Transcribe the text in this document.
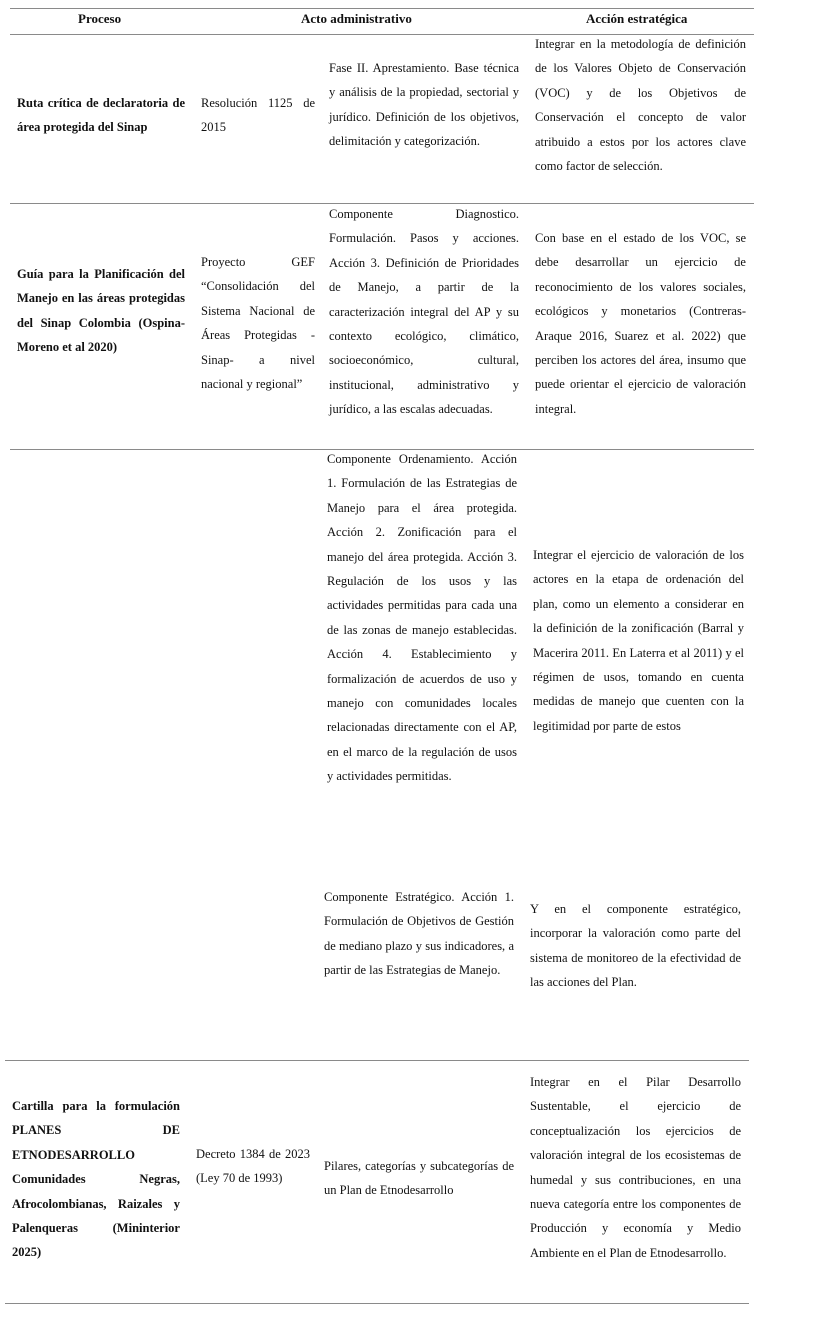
Proceso	Acto administrativo	Acción estratégica
Ruta crítica de declaratoria de área protegida del Sinap
Resolución 1125 de 2015
Fase II. Aprestamiento. Base técnica y análisis de la propiedad, sectorial y jurídico. Definición de los objetivos, delimitación y categorización.
Integrar en la metodología de definición de los Valores Objeto de Conservación (VOC) y de los Objetivos de Conservación el concepto de valor atribuido a estos por los actores clave como factor de selección.
Guía para la Planificación del Manejo en las áreas protegidas del Sinap Colombia (Ospina-Moreno et al 2020)
Proyecto GEF “Consolidación del Sistema Nacional de Áreas Protegidas - Sinap- a nivel nacional y regional”
Componente Diagnostico. Formulación. Pasos y acciones. Acción 3. Definición de Prioridades de Manejo, a partir de la caracterización integral del AP y su contexto ecológico, climático, socioeconómico, cultural, institucional, administrativo y jurídico, a las escalas adecuadas.
Con base en el estado de los VOC, se debe desarrollar un ejercicio de reconocimiento de los valores sociales, ecológicos y monetarios (Contreras-Araque 2016, Suarez et al. 2022) que perciben los actores del área, insumo que puede orientar el ejercicio de valoración integral.
Componente Ordenamiento. Acción 1. Formulación de las Estrategias de Manejo para el área protegida. Acción 2. Zonificación para el manejo del área protegida. Acción 3. Regulación de los usos y las actividades permitidas para cada una de las zonas de manejo establecidas. Acción 4. Establecimiento y formalización de acuerdos de uso y manejo con comunidades locales relacionadas directamente con el AP, en el marco de la regulación de usos y actividades permitidas.
Integrar el ejercicio de valoración de los actores en la etapa de ordenación del plan, como un elemento a considerar en la definición de la zonificación (Barral y Macerira 2011. En Laterra et al 2011) y el régimen de usos, tomando en cuenta medidas de manejo que cuenten con la legitimidad por parte de estos
Componente Estratégico. Acción 1. Formulación de Objetivos de Gestión de mediano plazo y sus indicadores, a partir de las Estrategias de Manejo.
Y en el componente estratégico, incorporar la valoración como parte del sistema de monitoreo de la efectividad de las acciones del Plan.
Cartilla para la formulación PLANES DE ETNODESARROLLO Comunidades Negras, Afrocolombianas, Raizales y Palenqueras (Mininterior 2025)
Decreto 1384 de 2023 (Ley 70 de 1993)
Pilares, categorías y subcategorías de un Plan de Etnodesarrollo
Integrar en el Pilar Desarrollo Sustentable, el ejercicio de conceptualización los ejercicios de valoración integral de los ecosistemas de humedal y sus contribuciones, en una nueva categoría entre los componentes de Producción y economía y Medio Ambiente en el Plan de Etnodesarrollo.
